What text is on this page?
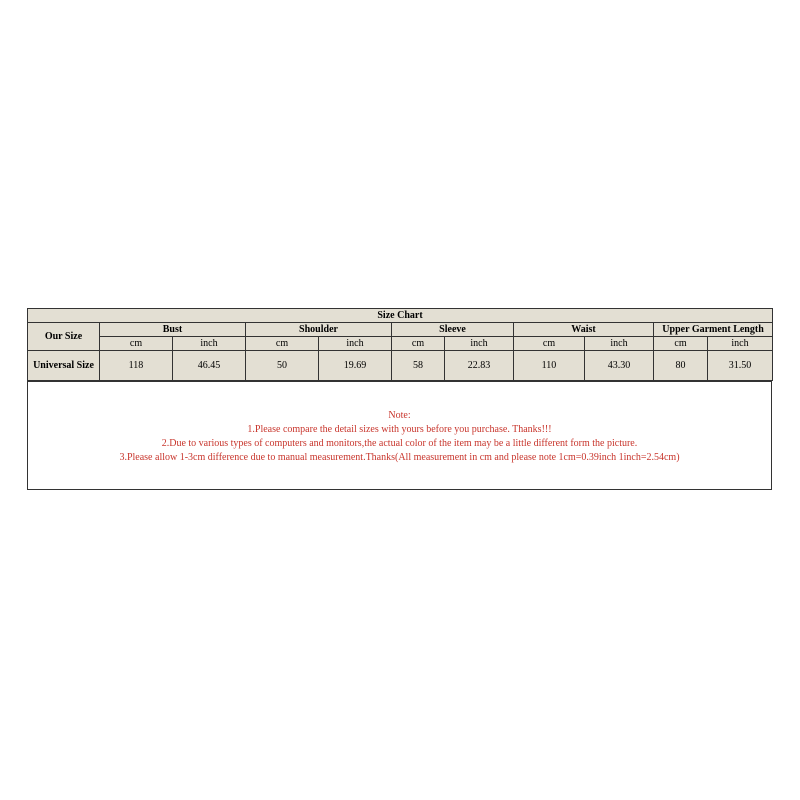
Size Chart										
Our Size	Bust		Shoulder		Sleeve		Waist		Upper Garment Length	
	cm	inch	cm	inch	cm	inch	cm	inch	cm	inch
Universal Size	118	46.45	50	19.69	58	22.83	110	43.30	80	31.50
Note:
1.Please compare the detail sizes with yours before you purchase. Thanks!!!
2.Due to various types of computers and monitors,the actual color of the item may be a little different form the picture.
3.Please allow 1-3cm difference due to manual measurement.Thanks(All measurement in cm and please note 1cm=0.39inch 1inch=2.54cm)
